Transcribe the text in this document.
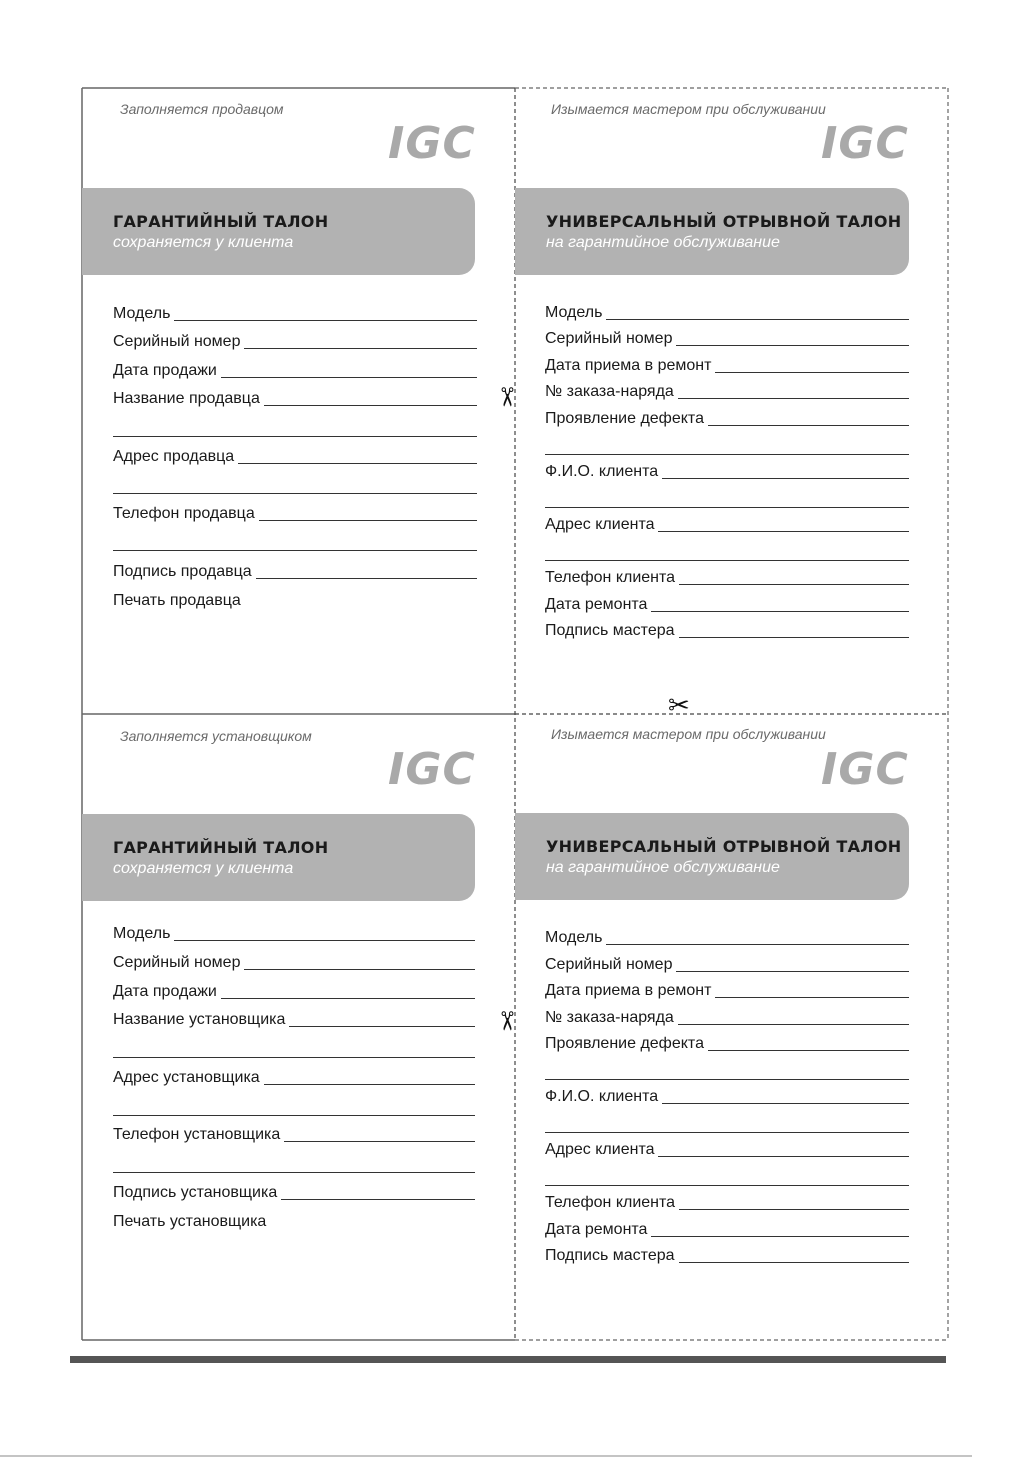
✂
✂
✂
Заполняется продавцом
IGC
ГАРАНТИЙНЫЙ ТАЛОН
сохраняется у клиента
Модель
Серийный номер
Дата продажи
Название продавца
Адрес продавца
Телефон продавца
Подпись продавца
Печать продавца
Изымается мастером при обслуживании
IGC
УНИВЕРСАЛЬНЫЙ ОТРЫВНОЙ ТАЛОН
на гарантийное обслуживание
Модель
Серийный номер
Дата приема в ремонт
№ заказа-наряда
Проявление дефекта
Ф.И.О. клиента
Адрес клиента
Телефон клиента
Дата ремонта
Подпись мастера
Заполняется установщиком
IGC
ГАРАНТИЙНЫЙ ТАЛОН
сохраняется у клиента
Модель
Серийный номер
Дата продажи
Название установщика
Адрес установщика
Телефон установщика
Подпись установщика
Печать установщика
Изымается мастером при обслуживании
IGC
УНИВЕРСАЛЬНЫЙ ОТРЫВНОЙ ТАЛОН
на гарантийное обслуживание
Модель
Серийный номер
Дата приема в ремонт
№ заказа-наряда
Проявление дефекта
Ф.И.О. клиента
Адрес клиента
Телефон клиента
Дата ремонта
Подпись мастера
